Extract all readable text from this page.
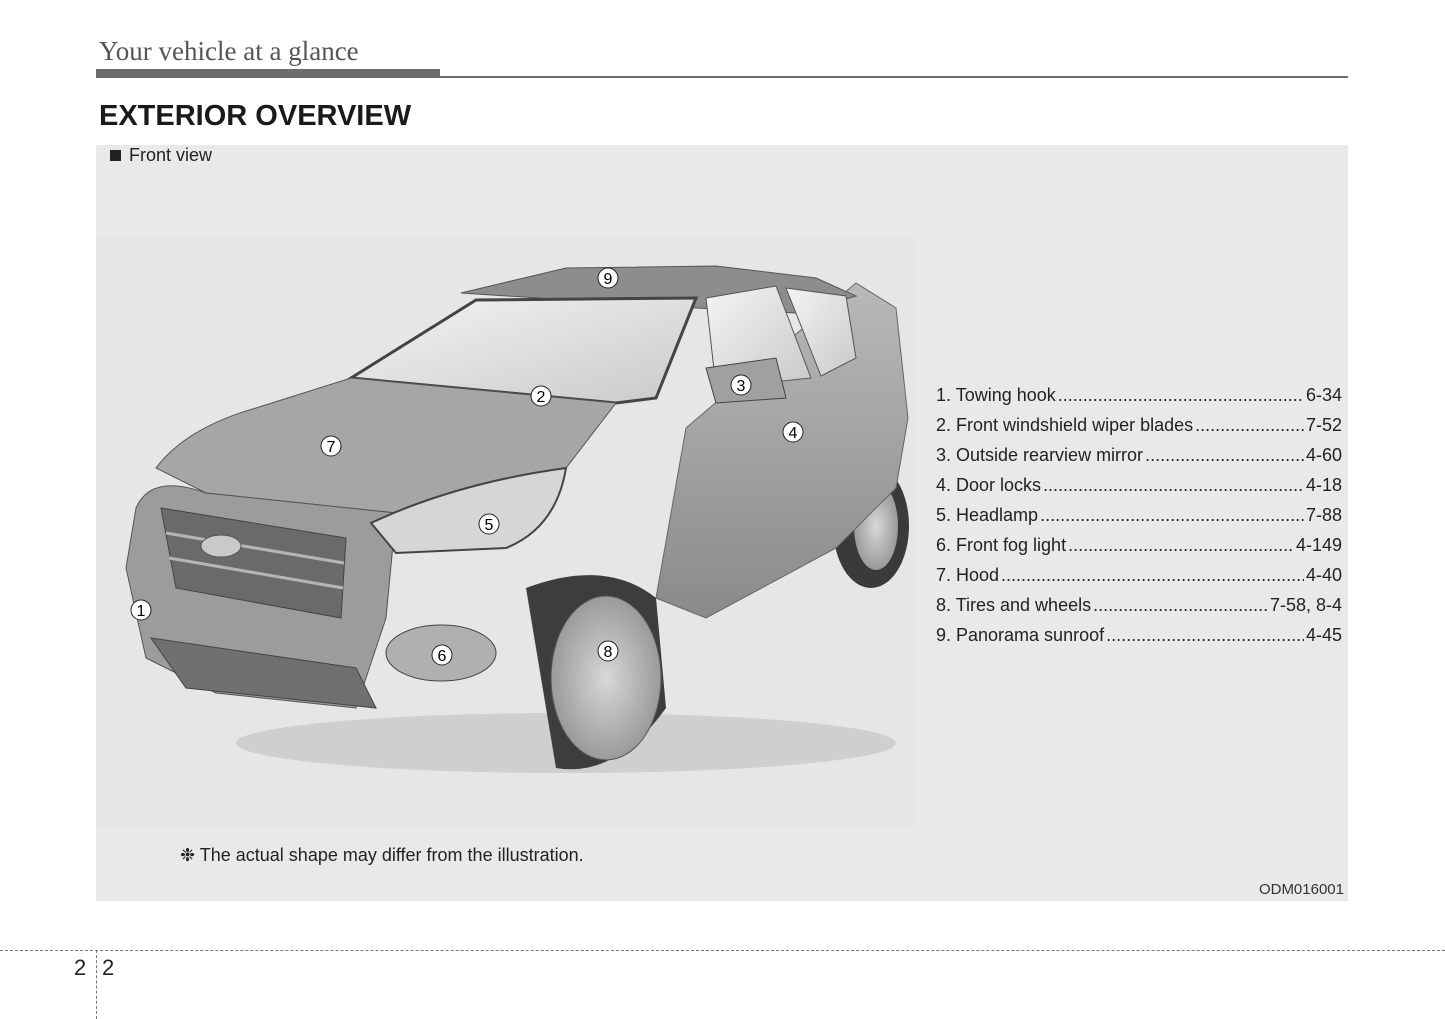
Your vehicle at a glance
EXTERIOR OVERVIEW
Front view
1
2
3
4
5
6
7
8
9
1. Towing hook .....	6-34
2. Front windshield wiper blades .....	7-52
3. Outside rearview mirror .....	4-60
4. Door locks .....	4-18
5. Headlamp .....	7-88
6. Front fog light .....	4-149
7. Hood .....	4-40
8. Tires and wheels .....	7-58, 8-4
9. Panorama sunroof .....	4-45
❉ The actual shape may differ from the illustration.
ODM016001
2 2
